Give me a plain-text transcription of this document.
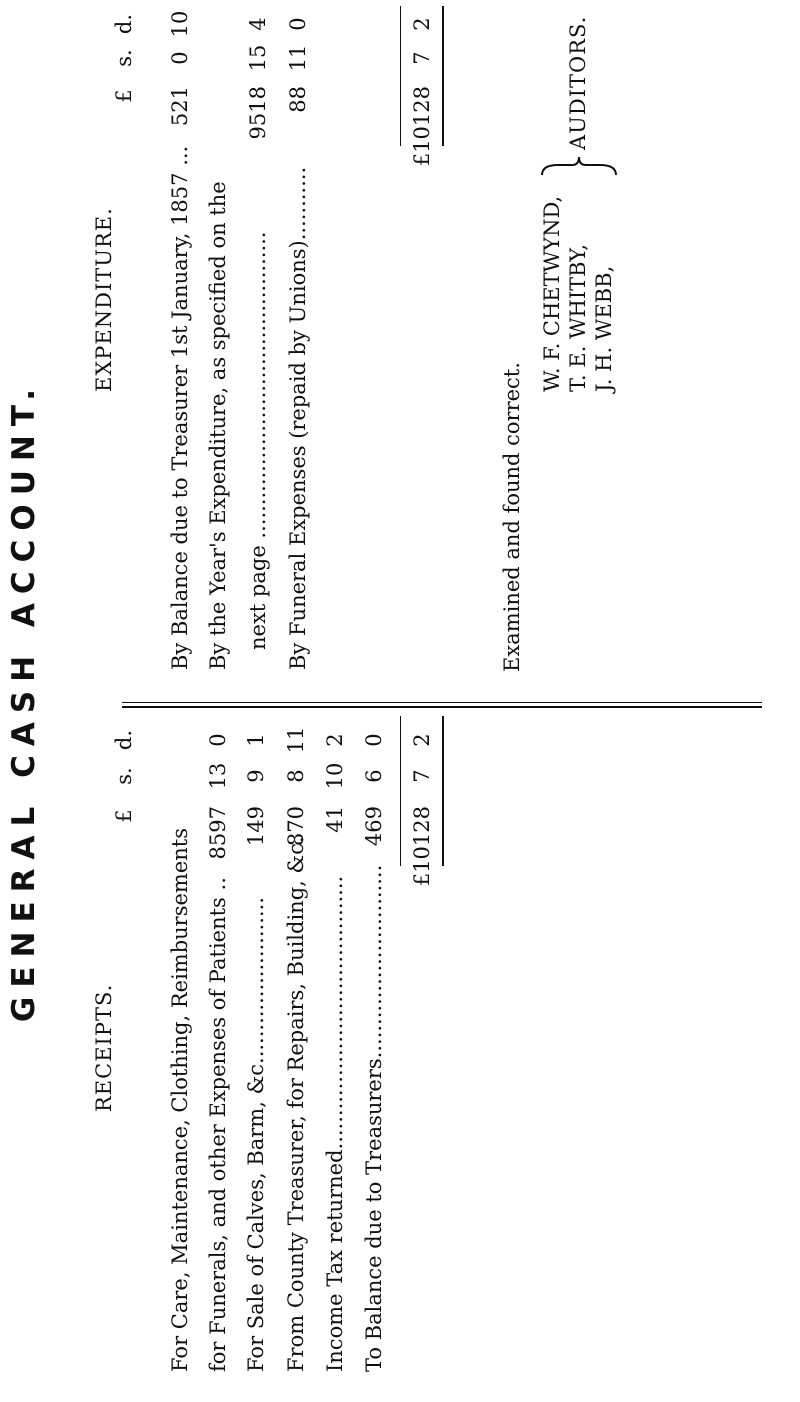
GENERAL CASH ACCOUNT.
RECEIPTS.
£
s.
d.
For Care, Maintenance, Clothing, Reimbursements for Funerals, and other Expenses of Patients ..
8597
13
0
For Sale of Calves, Barm, &c.........................
149
9
1
From County Treasurer, for Repairs, Building, &c.
870
8
11
Income Tax returned.........................................
41
10
2
To Balance due to Treasurers.............................
469
6
0
£10128
7
2
EXPENDITURE.
£
s.
d.
By Balance due to Treasurer 1st January, 1857 ...
521
0
10
By the Year's Expenditure, as specified on the next page ..............................................
9518
15
4
By Funeral Expenses (repaid by Unions)...........
88
11
0
£10128
7
2
Examined and found correct.
W. F. CHETWYND, T. E. WHITBY, J. H. WEBB,
AUDITORS.
